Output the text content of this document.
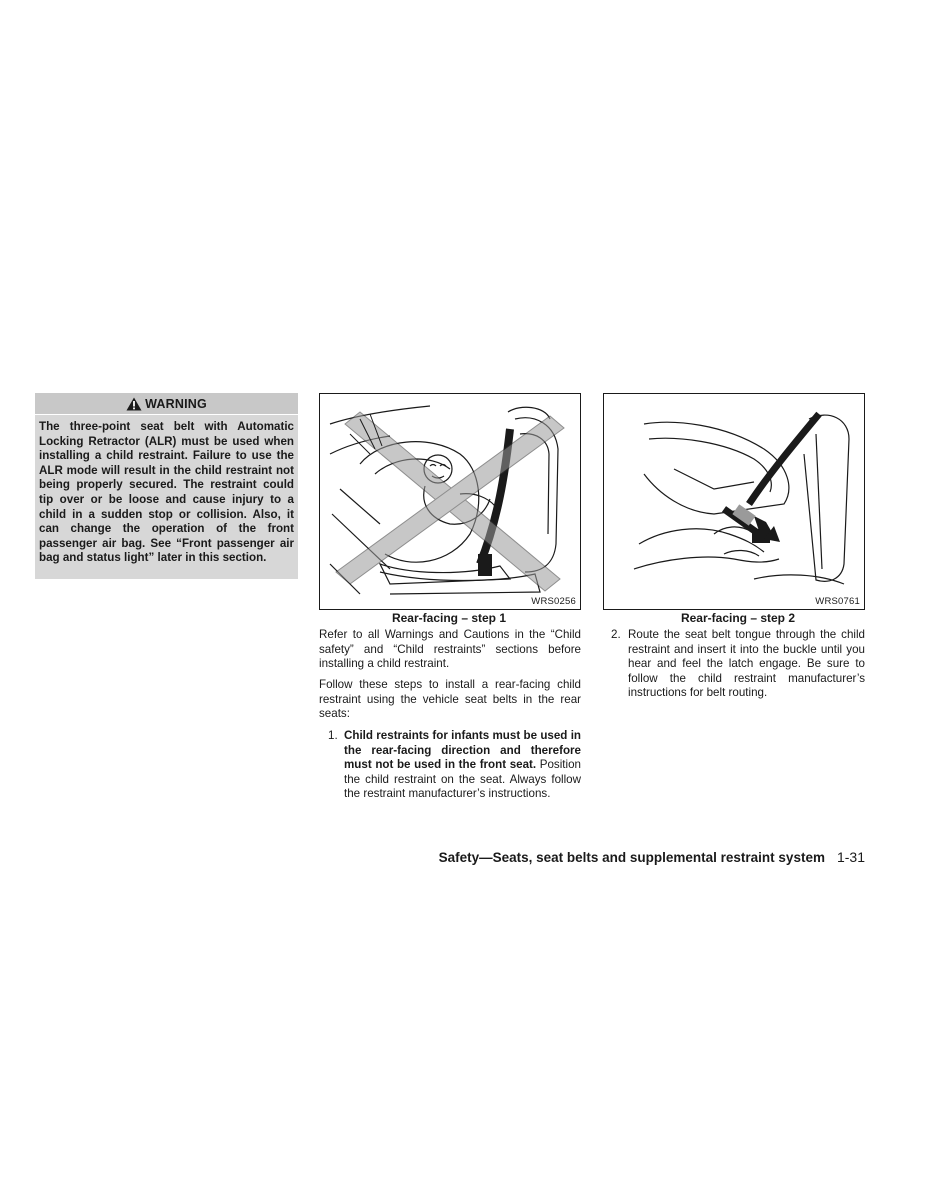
WARNING
The three-point seat belt with Automatic Locking Retractor (ALR) must be used when installing a child restraint. Failure to use the ALR mode will result in the child restraint not being properly secured. The restraint could tip over or be loose and cause injury to a child in a sudden stop or collision. Also, it can change the operation of the front passenger air bag. See “Front passenger air bag and status light” later in this section.
WRS0256
Rear-facing – step 1
WRS0761
Rear-facing – step 2
Refer to all Warnings and Cautions in the “Child safety” and “Child restraints” sections before installing a child restraint.
Follow these steps to install a rear-facing child restraint using the vehicle seat belts in the rear seats:
1. Child restraints for infants must be used in the rear-facing direction and therefore must not be used in the front seat. Position the child restraint on the seat. Always follow the restraint manufacturer’s instructions.
2. Route the seat belt tongue through the child restraint and insert it into the buckle until you hear and feel the latch engage. Be sure to follow the child restraint manufacturer’s instructions for belt routing.
Safety—Seats, seat belts and supplemental restraint system 1-31
